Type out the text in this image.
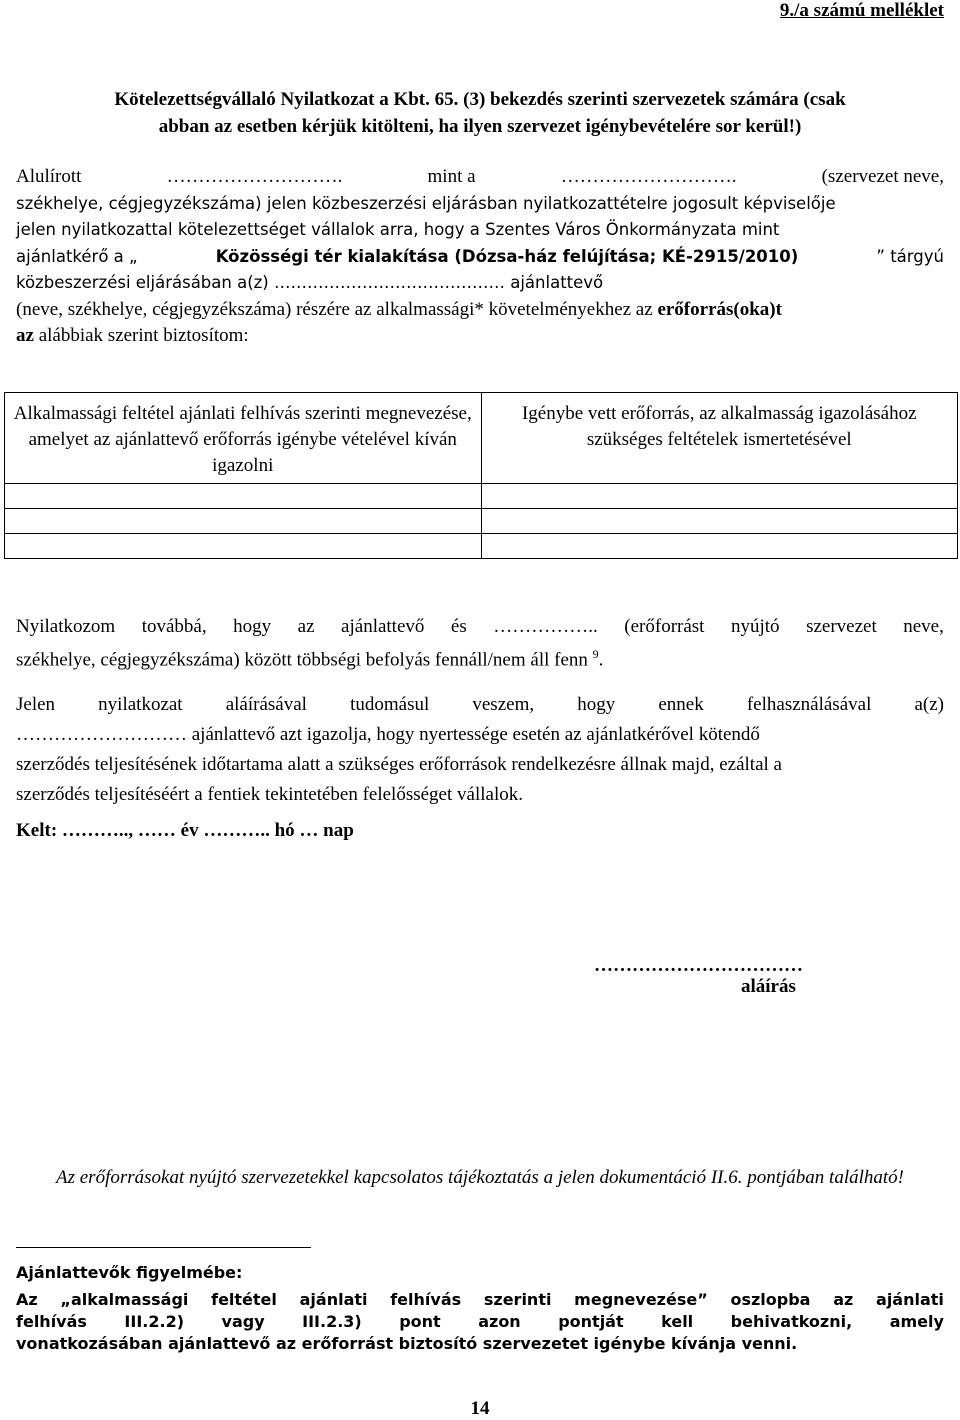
9./a számú melléklet
Kötelezettségvállaló Nyilatkozat a Kbt. 65. (3) bekezdés szerinti szervezetek számára (csak
abban az esetben kérjük kitölteni, ha ilyen szervezet igénybevételére sor kerül!)
Alulírott	……………………….	mint a	……………………….	(szervezet neve,
székhelye, cégjegyzékszáma) jelen közbeszerzési eljárásban nyilatkozattételre jogosult képviselője
jelen nyilatkozattal kötelezettséget vállalok arra, hogy a Szentes Város Önkormányzata mint
ajánlatkérő a „	Közösségi tér kialakítása (Dózsa-ház felújítása; KÉ-2915/2010)	” tárgyú
közbeszerzési eljárásában a(z) …………………………………… ajánlattevő
(neve, székhelye, cégjegyzékszáma) részére az alkalmassági* követelményekhez az erőforrás(oka)t
az alábbiak szerint biztosítom:
Alkalmassági feltétel ajánlati felhívás szerinti megnevezése, amelyet az ajánlattevő erőforrás igénybe vételével kíván igazolni	Igénybe vett erőforrás, az alkalmasság igazolásához szükséges feltételek ismertetésével

Nyilatkozom továbbá, hogy az ajánlattevő és …………….. (erőforrást nyújtó szervezet neve,
székhelye, cégjegyzékszáma) között többségi befolyás fennáll/nem áll fenn $^9$.
Jelen nyilatkozat aláírásával tudomásul veszem, hogy ennek felhasználásával a(z)
……………………… ajánlattevő azt igazolja, hogy nyertessége esetén az ajánlatkérővel kötendő
szerződés teljesítésének időtartama alatt a szükséges erőforrások rendelkezésre állnak majd, ezáltal a
szerződés teljesítéséért a fentiek tekintetében felelősséget vállalok.
Kelt: ……….., …… év ……….. hó … nap
……………………………
aláírás
Az erőforrásokat nyújtó szervezetekkel kapcsolatos tájékoztatás a jelen dokumentáció II.6. pontjában található!
Ajánlattevők figyelmébe:
Az „alkalmassági feltétel ajánlati felhívás szerinti megnevezése” oszlopba az ajánlati
felhívás III.2.2) vagy III.2.3) pont azon pontját kell behivatkozni, amely
vonatkozásában ajánlattevő az erőforrást biztosító szervezetet igénybe kívánja venni.
14
